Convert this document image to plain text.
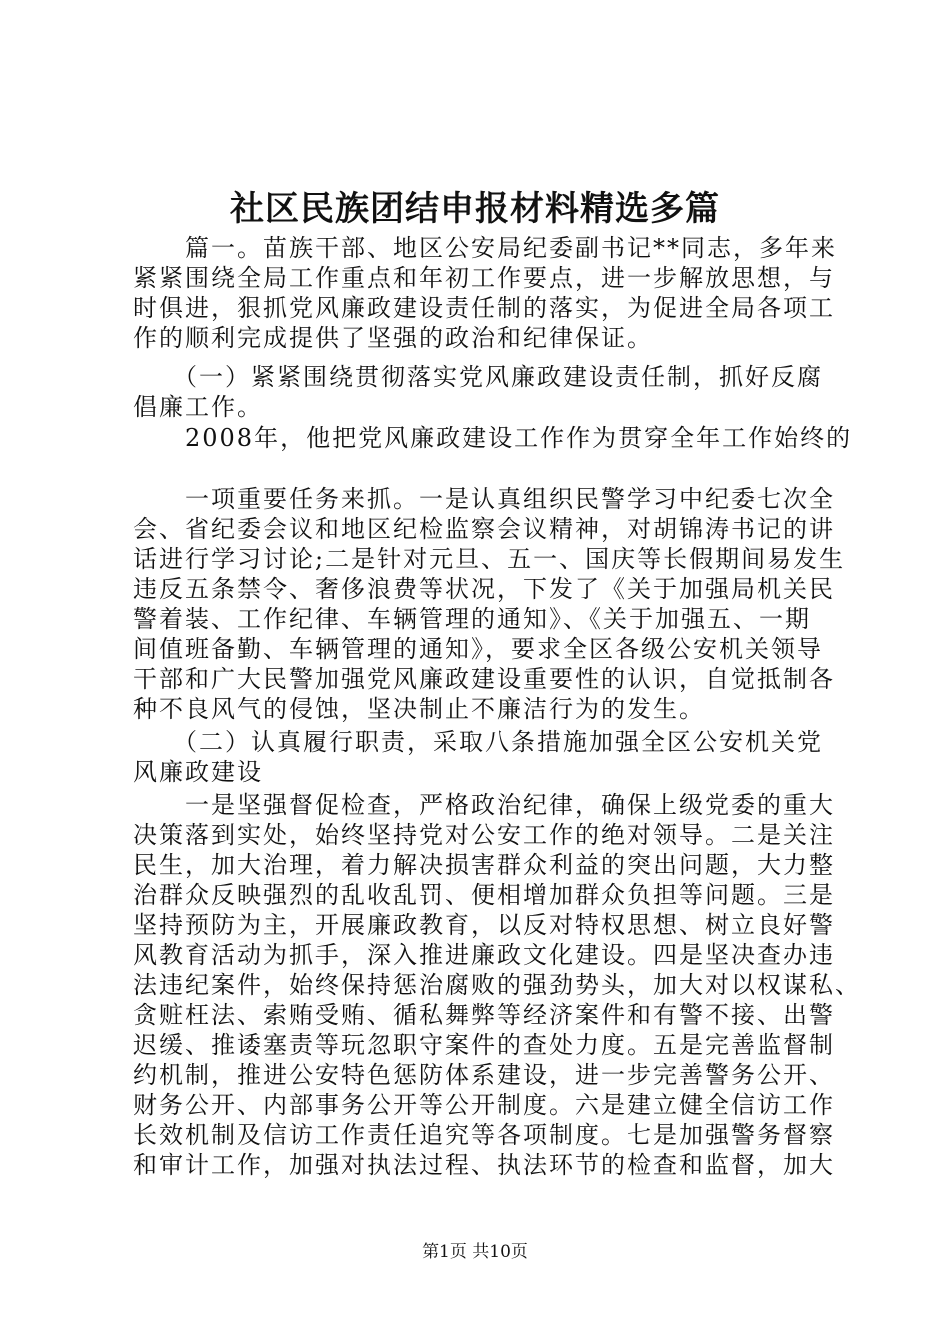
社区民族团结申报材料精选多篇
　　篇一。苗族干部、地区公安局纪委副书记**同志，多年来
紧紧围绕全局工作重点和年初工作要点，进一步解放思想，与
时俱进，狠抓党风廉政建设责任制的落实，为促进全局各项工
作的顺利完成提供了坚强的政治和纪律保证。
　　（一）紧紧围绕贯彻落实党风廉政建设责任制，抓好反腐
倡廉工作。
　　2008年，他把党风廉政建设工作作为贯穿全年工作始终的
　　一项重要任务来抓。一是认真组织民警学习中纪委七次全
会、省纪委会议和地区纪检监察会议精神，对胡锦涛书记的讲
话进行学习讨论;二是针对元旦、五一、国庆等长假期间易发生
违反五条禁令、奢侈浪费等状况，下发了《关于加强局机关民
警着装、工作纪律、车辆管理的通知》、《关于加强五、一期
间值班备勤、车辆管理的通知》，要求全区各级公安机关领导
干部和广大民警加强党风廉政建设重要性的认识，自觉抵制各
种不良风气的侵蚀，坚决制止不廉洁行为的发生。
　　（二）认真履行职责，采取八条措施加强全区公安机关党
风廉政建设
　　一是坚强督促检查，严格政治纪律，确保上级党委的重大
决策落到实处，始终坚持党对公安工作的绝对领导。二是关注
民生，加大治理，着力解决损害群众利益的突出问题，大力整
治群众反映强烈的乱收乱罚、便相增加群众负担等问题。三是
坚持预防为主，开展廉政教育，以反对特权思想、树立良好警
风教育活动为抓手，深入推进廉政文化建设。四是坚决查办违
法违纪案件，始终保持惩治腐败的强劲势头，加大对以权谋私、
贪赃枉法、索贿受贿、循私舞弊等经济案件和有警不接、出警
迟缓、推诿塞责等玩忽职守案件的查处力度。五是完善监督制
约机制，推进公安特色惩防体系建设，进一步完善警务公开、
财务公开、内部事务公开等公开制度。六是建立健全信访工作
长效机制及信访工作责任追究等各项制度。七是加强警务督察
和审计工作，加强对执法过程、执法环节的检查和监督，加大
第1页 共10页
